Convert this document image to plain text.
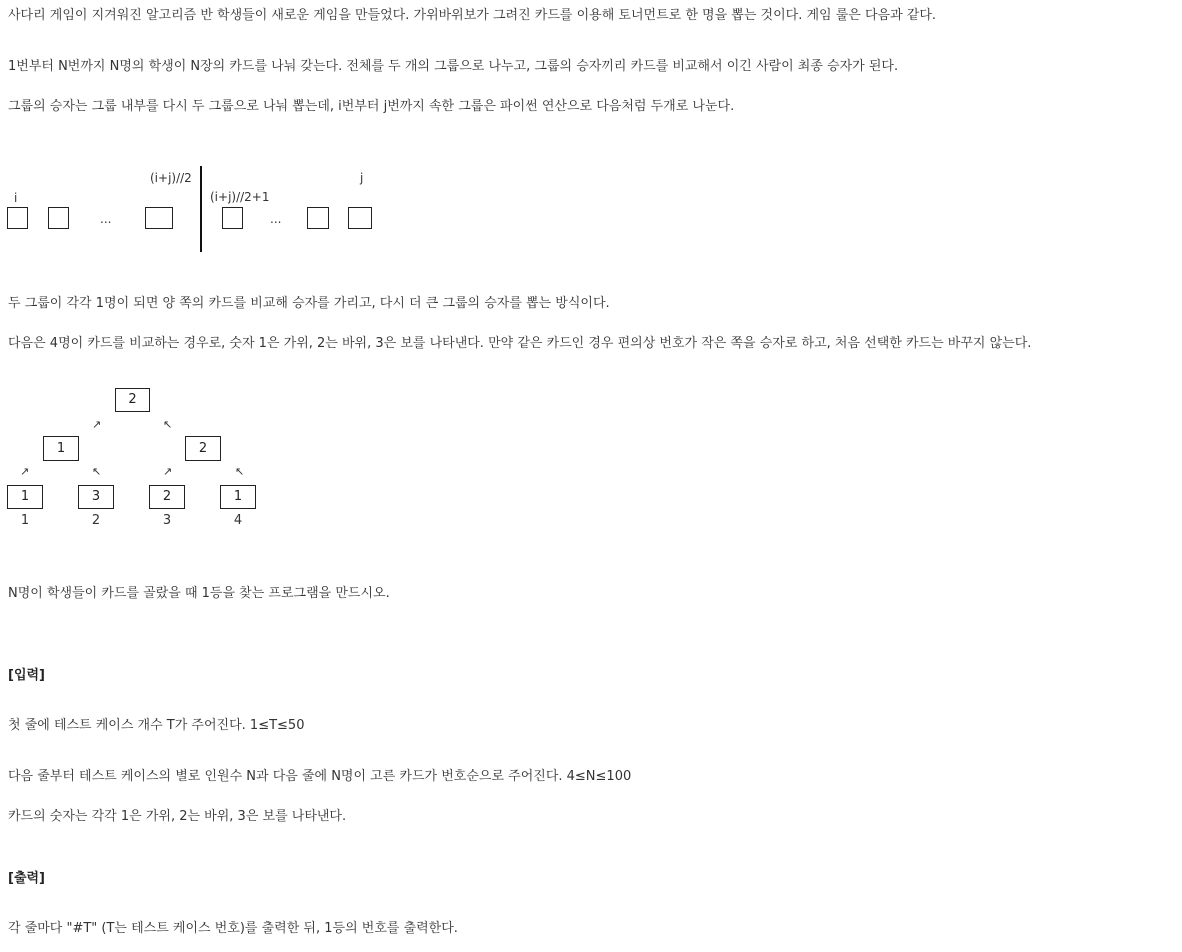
사다리 게임이 지겨워진 알고리즘 반 학생들이 새로운 게임을 만들었다. 가위바위보가 그려진 카드를 이용해 토너먼트로 한 명을 뽑는 것이다. 게임 룰은 다음과 같다.
1번부터 N번까지 N명의 학생이 N장의 카드를 나눠 갖는다. 전체를 두 개의 그룹으로 나누고, 그룹의 승자끼리 카드를 비교해서 이긴 사람이 최종 승자가 된다.
그룹의 승자는 그룹 내부를 다시 두 그룹으로 나눠 뽑는데, i번부터 j번까지 속한 그룹은 파이썬 연산으로 다음처럼 두개로 나눈다.
i
(i+j)//2
(i+j)//2+1
j
...	...
두 그룹이 각각 1명이 되면 양 쪽의 카드를 비교해 승자를 가리고, 다시 더 큰 그룹의 승자를 뽑는 방식이다.
다음은 4명이 카드를 비교하는 경우로, 숫자 1은 가위, 2는 바위, 3은 보를 나타낸다. 만약 같은 카드인 경우 편의상 번호가 작은 쪽을 승자로 하고, 처음 선택한 카드는 바꾸지 않는다.
2
↗	↖
1	2
↗	↖	↗	↖
1	3	2	1
1	2	3	4
N명이 학생들이 카드를 골랐을 때 1등을 찾는 프로그램을 만드시오.
[입력]
첫 줄에 테스트 케이스 개수 T가 주어진다. 1≤T≤50
다음 줄부터 테스트 케이스의 별로 인원수 N과 다음 줄에 N명이 고른 카드가 번호순으로 주어진다. 4≤N≤100
카드의 숫자는 각각 1은 가위, 2는 바위, 3은 보를 나타낸다.
[출력]
각 줄마다 "#T" (T는 테스트 케이스 번호)를 출력한 뒤, 1등의 번호를 출력한다.
